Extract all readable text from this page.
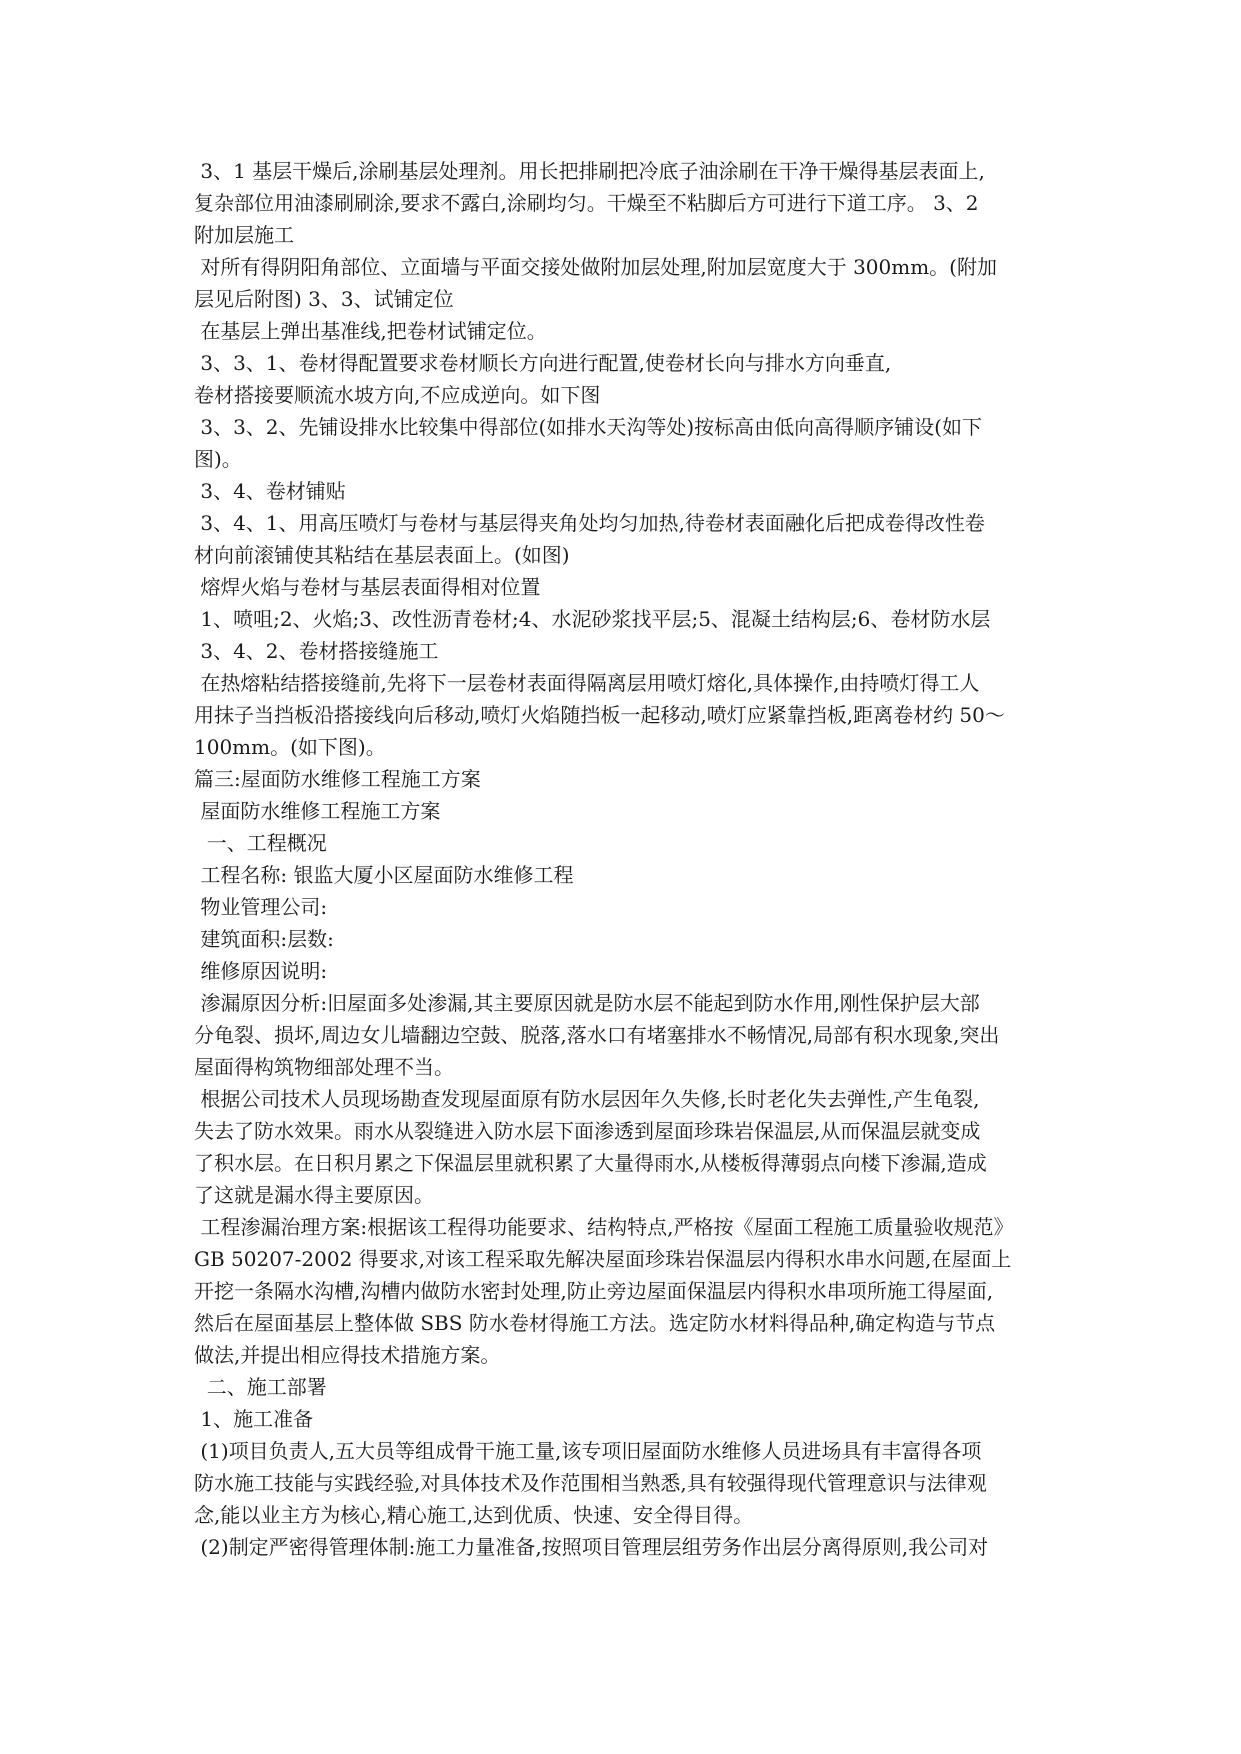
3、1 基层干燥后,涂刷基层处理剂。用长把排刷把冷底子油涂刷在干净干燥得基层表面上,
复杂部位用油漆刷刷涂,要求不露白,涂刷均匀。干燥至不粘脚后方可进行下道工序。 3、2
附加层施工
对所有得阴阳角部位、立面墙与平面交接处做附加层处理,附加层宽度大于 300mm。(附加
层见后附图) 3、3、试铺定位
在基层上弹出基准线,把卷材试铺定位。
3、3、1、卷材得配置要求卷材顺长方向进行配置,使卷材长向与排水方向垂直,
卷材搭接要顺流水坡方向,不应成逆向。如下图
3、3、2、先铺设排水比较集中得部位(如排水天沟等处)按标高由低向高得顺序铺设(如下
图)。
3、4、卷材铺贴
3、4、1、用高压喷灯与卷材与基层得夹角处均匀加热,待卷材表面融化后把成卷得改性卷
材向前滚铺使其粘结在基层表面上。(如图)
熔焊火焰与卷材与基层表面得相对位置
1、喷咀;2、火焰;3、改性沥青卷材;4、水泥砂浆找平层;5、混凝土结构层;6、卷材防水层
3、4、2、卷材搭接缝施工
在热熔粘结搭接缝前,先将下一层卷材表面得隔离层用喷灯熔化,具体操作,由持喷灯得工人
用抹子当挡板沿搭接线向后移动,喷灯火焰随挡板一起移动,喷灯应紧靠挡板,距离卷材约 50～
100mm。(如下图)。
篇三:屋面防水维修工程施工方案
屋面防水维修工程施工方案
一、工程概况
工程名称: 银监大厦小区屋面防水维修工程
物业管理公司:
建筑面积:层数:
维修原因说明:
渗漏原因分析:旧屋面多处渗漏,其主要原因就是防水层不能起到防水作用,刚性保护层大部
分龟裂、损坏,周边女儿墙翻边空鼓、脱落,落水口有堵塞排水不畅情况,局部有积水现象,突出
屋面得构筑物细部处理不当。
根据公司技术人员现场勘查发现屋面原有防水层因年久失修,长时老化失去弹性,产生龟裂,
失去了防水效果。雨水从裂缝进入防水层下面渗透到屋面珍珠岩保温层,从而保温层就变成
了积水层。在日积月累之下保温层里就积累了大量得雨水,从楼板得薄弱点向楼下渗漏,造成
了这就是漏水得主要原因。
工程渗漏治理方案:根据该工程得功能要求、结构特点,严格按《屋面工程施工质量验收规范》
GB 50207-2002 得要求,对该工程采取先解决屋面珍珠岩保温层内得积水串水问题,在屋面上
开挖一条隔水沟槽,沟槽内做防水密封处理,防止旁边屋面保温层内得积水串项所施工得屋面,
然后在屋面基层上整体做 SBS 防水卷材得施工方法。选定防水材料得品种,确定构造与节点
做法,并提出相应得技术措施方案。
二、施工部署
1、施工准备
(1)项目负责人,五大员等组成骨干施工量,该专项旧屋面防水维修人员进场具有丰富得各项
防水施工技能与实践经验,对具体技术及作范围相当熟悉,具有较强得现代管理意识与法律观
念,能以业主方为核心,精心施工,达到优质、快速、安全得目得。
(2)制定严密得管理体制:施工力量准备,按照项目管理层组劳务作出层分离得原则,我公司对
